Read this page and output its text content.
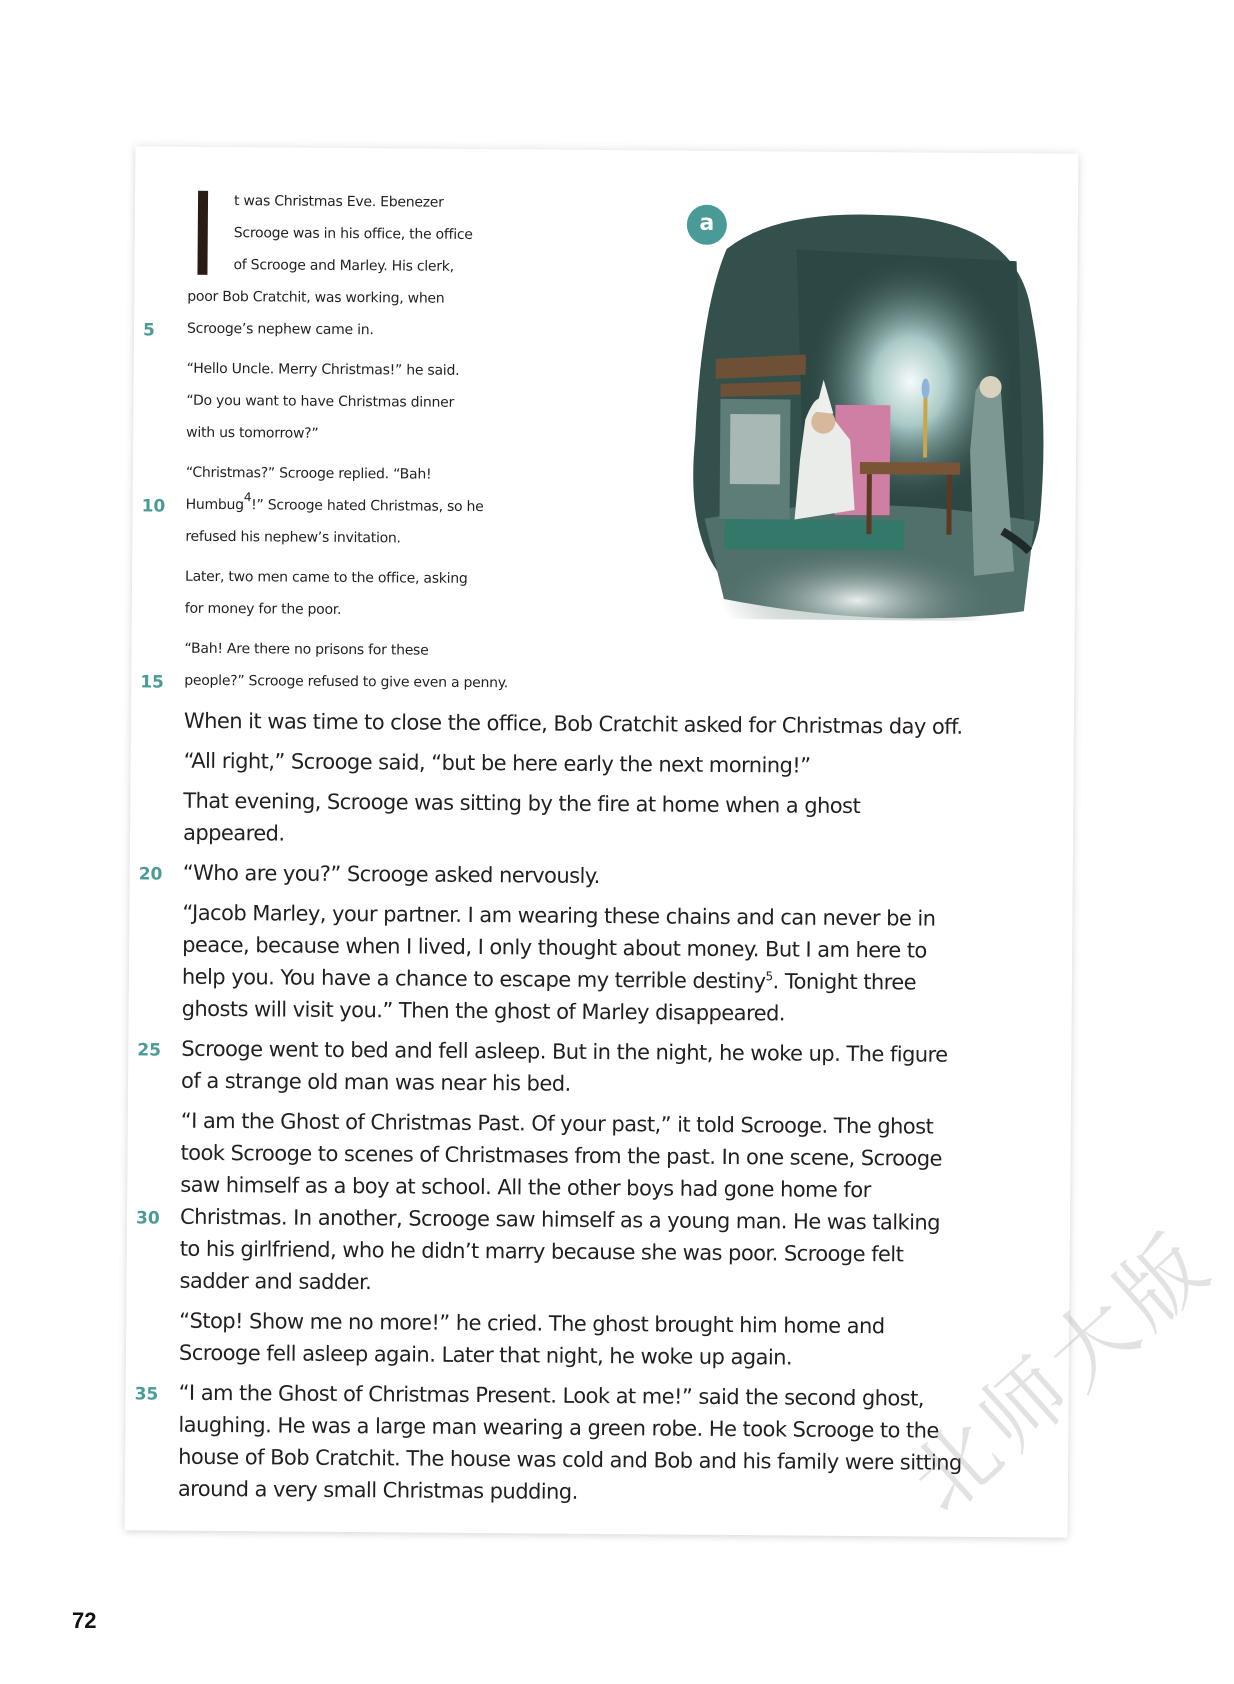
a
t was Christmas Eve. Ebenezer
Scrooge was in his office, the office
of Scrooge and Marley. His clerk,
poor Bob Cratchit, was working, when
5	Scrooge’s nephew came in.
“Hello Uncle. Merry Christmas!” he said.
“Do you want to have Christmas dinner
with us tomorrow?”
“Christmas?” Scrooge replied. “Bah!
10	Humbug$^4$!” Scrooge hated Christmas, so he
refused his nephew’s invitation.
Later, two men came to the office, asking
for money for the poor.
“Bah! Are there no prisons for these
15	people?” Scrooge refused to give even a penny.
When it was time to close the office, Bob Cratchit asked for Christmas day off.
“All right,” Scrooge said, “but be here early the next morning!”
That evening, Scrooge was sitting by the fire at home when a ghost
appeared.
20 “Who are you?” Scrooge asked nervously.
“Jacob Marley, your partner. I am wearing these chains and can never be in
peace, because when I lived, I only thought about money. But I am here to
help you. You have a chance to escape my terrible destiny$^5$. Tonight three
ghosts will visit you.” Then the ghost of Marley disappeared.
25 Scrooge went to bed and fell asleep. But in the night, he woke up. The figure
of a strange old man was near his bed.
“I am the Ghost of Christmas Past. Of your past,” it told Scrooge. The ghost
took Scrooge to scenes of Christmases from the past. In one scene, Scrooge
saw himself as a boy at school. All the other boys had gone home for
30 Christmas. In another, Scrooge saw himself as a young man. He was talking
to his girlfriend, who he didn’t marry because she was poor. Scrooge felt
sadder and sadder.
“Stop! Show me no more!” he cried. The ghost brought him home and
Scrooge fell asleep again. Later that night, he woke up again.
35 “I am the Ghost of Christmas Present. Look at me!” said the second ghost,
laughing. He was a large man wearing a green robe. He took Scrooge to the
house of Bob Cratchit. The house was cold and Bob and his family were sitting
around a very small Christmas pudding.	北师大版
72
